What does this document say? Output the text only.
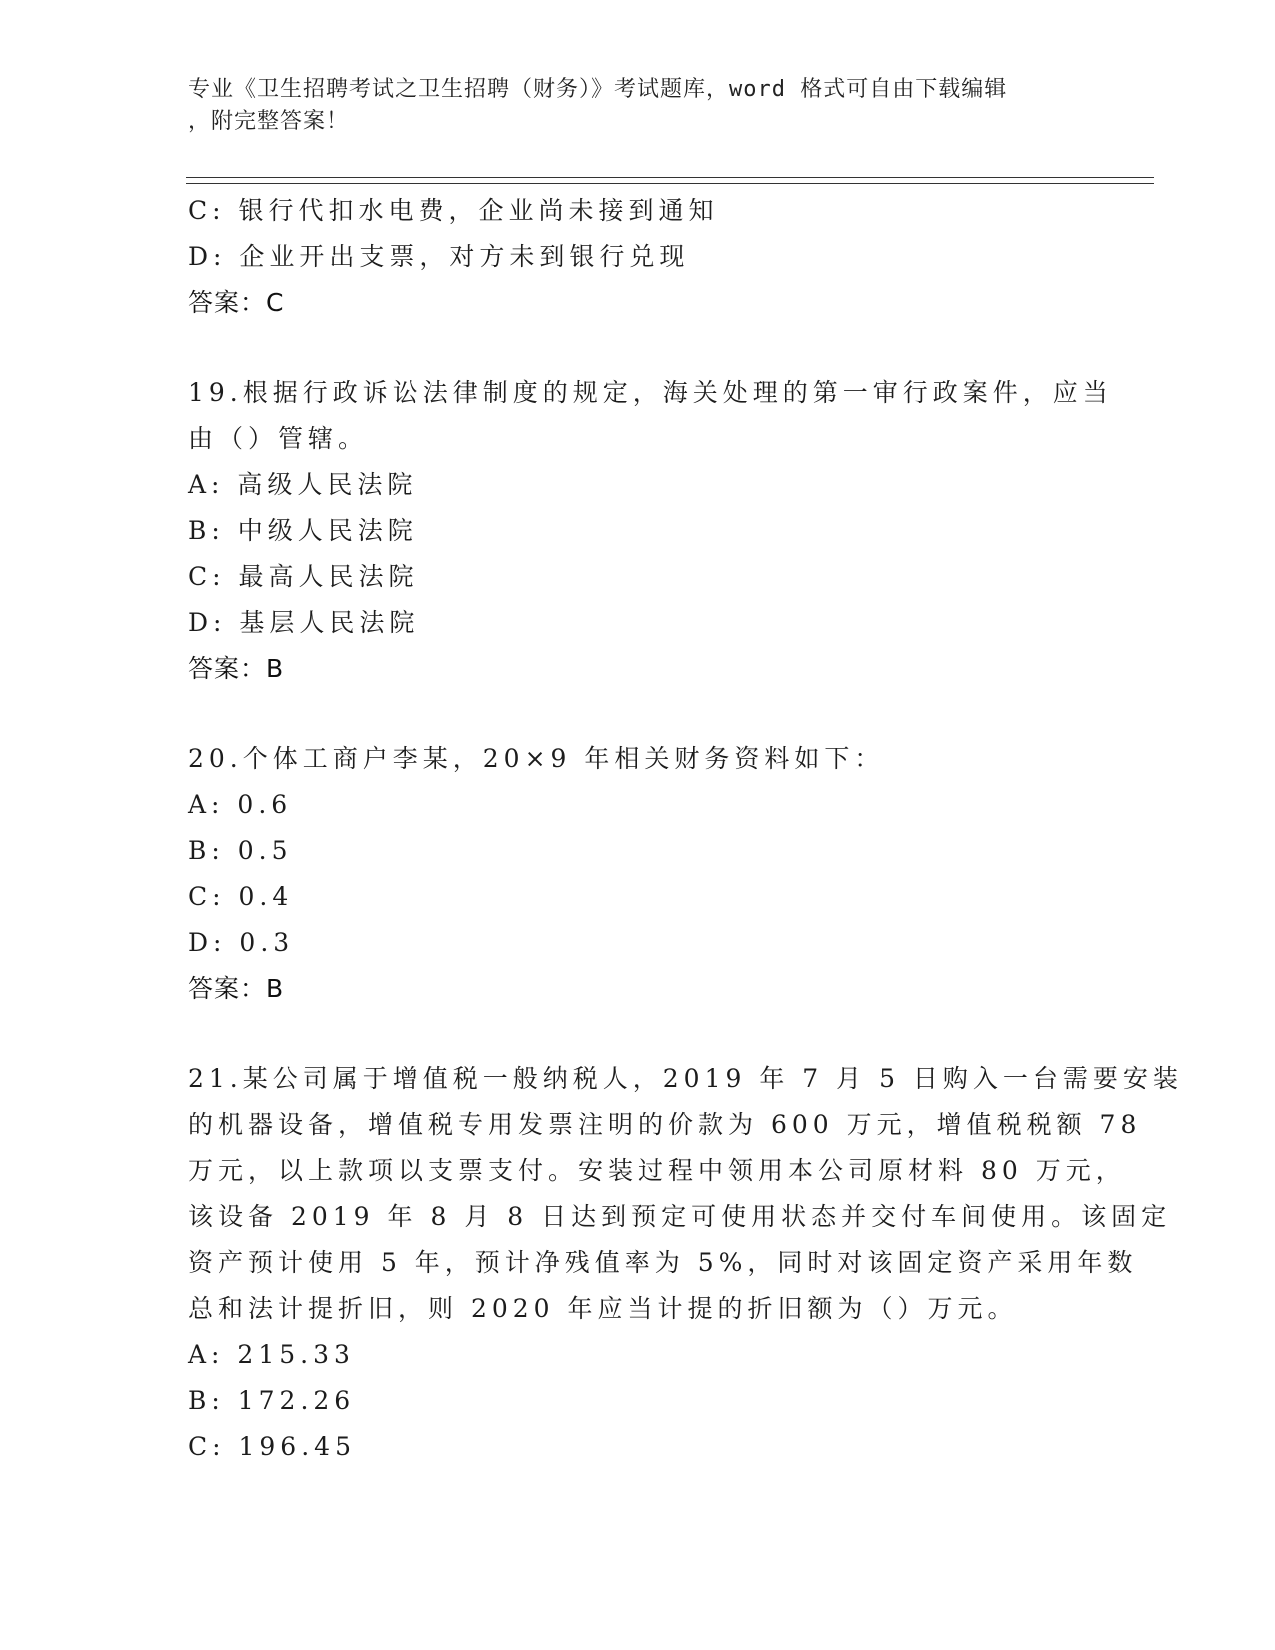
专业《卫生招聘考试之卫生招聘（财务）》考试题库，word 格式可自由下载编辑
，附完整答案！
C: 银行代扣水电费，企业尚未接到通知
D: 企业开出支票，对方未到银行兑现
答案：C
19.根据行政诉讼法律制度的规定，海关处理的第一审行政案件，应当
由（）管辖。
A: 高级人民法院
B: 中级人民法院
C: 最高人民法院
D: 基层人民法院
答案：B
20.个体工商户李某，20×9 年相关财务资料如下：
A: 0.6
B: 0.5
C: 0.4
D: 0.3
答案：B
21.某公司属于增值税一般纳税人，2019 年 7 月 5 日购入一台需要安装
的机器设备，增值税专用发票注明的价款为 600 万元，增值税税额 78
万元，以上款项以支票支付。安装过程中领用本公司原材料 80 万元，
该设备 2019 年 8 月 8 日达到预定可使用状态并交付车间使用。该固定
资产预计使用 5 年，预计净残值率为 5%，同时对该固定资产采用年数
总和法计提折旧，则 2020 年应当计提的折旧额为（）万元。
A: 215.33
B: 172.26
C: 196.45
